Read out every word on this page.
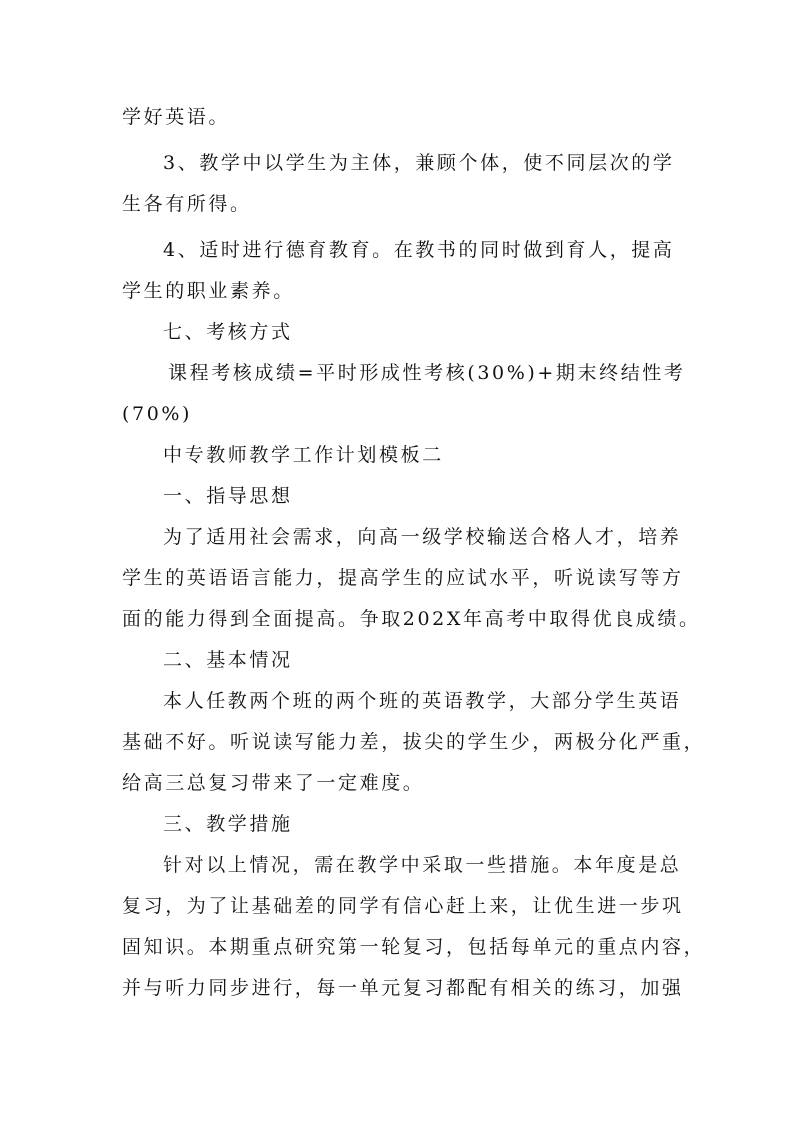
学好英语。
3、教学中以学生为主体，兼顾个体，使不同层次的学
生各有所得。
4、适时进行德育教育。在教书的同时做到育人，提高
学生的职业素养。
七、考核方式
课程考核成绩=平时形成性考核(30%)+期末终结性考
(70%)
中专教师教学工作计划模板二
一、指导思想
为了适用社会需求，向高一级学校输送合格人才，培养
学生的英语语言能力，提高学生的应试水平，听说读写等方
面的能力得到全面提高。争取202X年高考中取得优良成绩。
二、基本情况
本人任教两个班的两个班的英语教学，大部分学生英语
基础不好。听说读写能力差，拔尖的学生少，两极分化严重，
给高三总复习带来了一定难度。
三、教学措施
针对以上情况，需在教学中采取一些措施。本年度是总
复习，为了让基础差的同学有信心赶上来，让优生进一步巩
固知识。本期重点研究第一轮复习，包括每单元的重点内容，
并与听力同步进行，每一单元复习都配有相关的练习，加强
